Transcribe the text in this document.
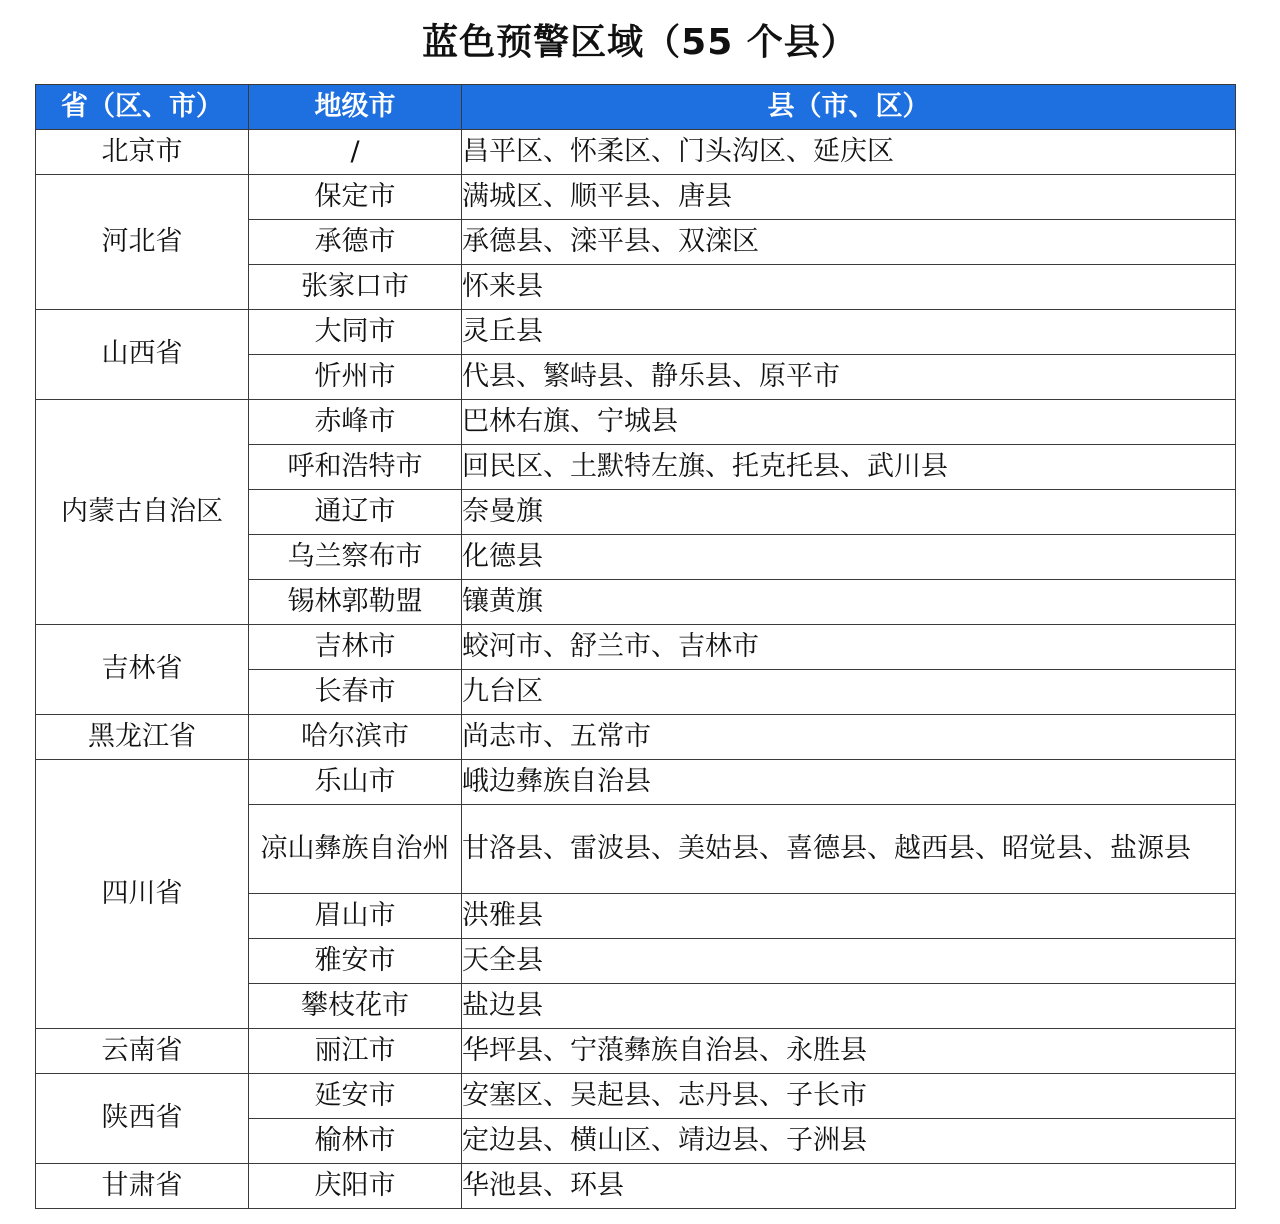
蓝色预警区域（55 个县）
省（区、市）	地级市	县（市、区）
北京市	/	昌平区、怀柔区、门头沟区、延庆区
河北省	保定市	满城区、顺平县、唐县
	承德市	承德县、滦平县、双滦区
	张家口市	怀来县
山西省	大同市	灵丘县
	忻州市	代县、繁峙县、静乐县、原平市
内蒙古自治区	赤峰市	巴林右旗、宁城县
	呼和浩特市	回民区、土默特左旗、托克托县、武川县
	通辽市	奈曼旗
	乌兰察布市	化德县
	锡林郭勒盟	镶黄旗
吉林省	吉林市	蛟河市、舒兰市、吉林市
	长春市	九台区
黑龙江省	哈尔滨市	尚志市、五常市
四川省	乐山市	峨边彝族自治县
	凉山彝族自治州	甘洛县、雷波县、美姑县、喜德县、越西县、昭觉县、盐源县
	眉山市	洪雅县
	雅安市	天全县
	攀枝花市	盐边县
云南省	丽江市	华坪县、宁蒗彝族自治县、永胜县
陕西省	延安市	安塞区、吴起县、志丹县、子长市
	榆林市	定边县、横山区、靖边县、子洲县
甘肃省	庆阳市	华池县、环县
